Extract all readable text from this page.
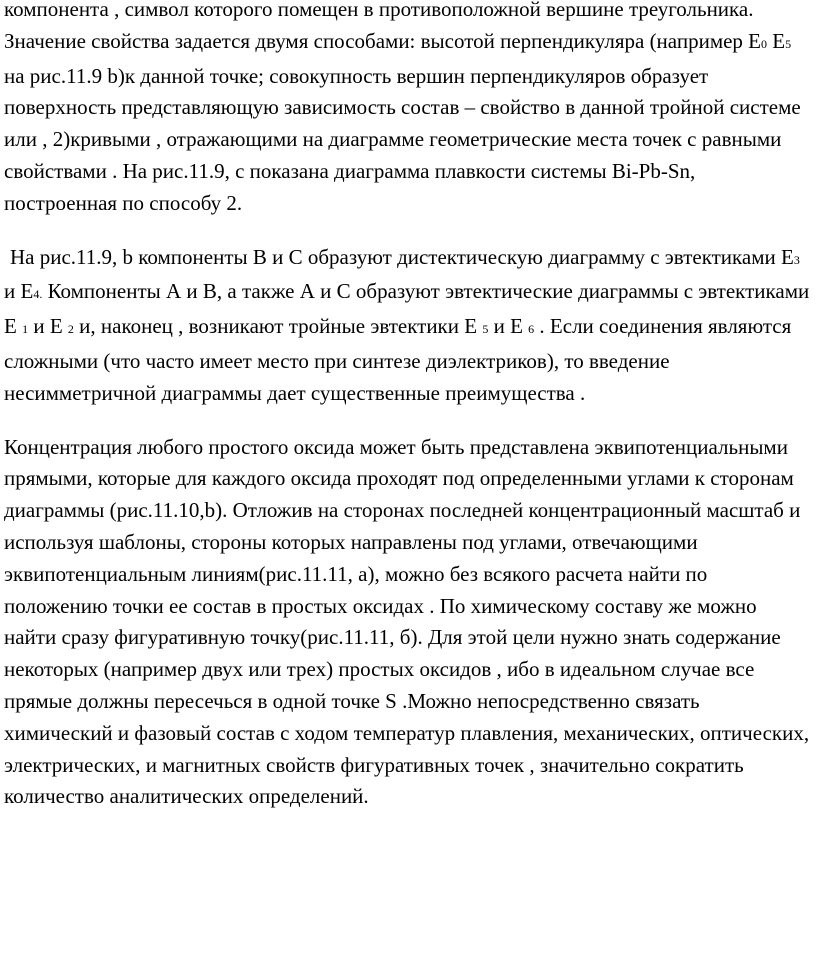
компонента , символ которого помещен в противоположной вершине треугольника. Значение свойства задается двумя способами: высотой перпендикуляра (например Е0 Е5 на рис.11.9 b)к данной точке; совокупность вершин перпендикуляров образует поверхность представляющую зависимость состав – свойство в данной тройной системе или , 2)кривыми , отражающими на диаграмме геометрические места точек с равными свойствами . На рис.11.9, с показана диаграмма плавкости системы Bi-Pb-Sn, построенная по способу 2.

На рис.11.9, b компоненты В и С образуют дистектическую диаграмму с эвтектиками Е3 и Е4. Компоненты А и В, а также А и С образуют эвтектические диаграммы с эвтектиками Е 1 и Е 2 и, наконец , возникают тройные эвтектики Е 5 и Е 6 . Если соединения являются сложными (что часто имеет место при синтезе диэлектриков), то введение несимметричной диаграммы дает существенные преимущества .

Концентрация любого простого оксида может быть представлена эквипотенциальными прямыми, которые для каждого оксида проходят под определенными углами к сторонам диаграммы (рис.11.10,b). Отложив на сторонах последней концентрационный масштаб и используя шаблоны, стороны которых направлены под углами, отвечающими эквипотенциальным линиям(рис.11.11, а), можно без всякого расчета найти по положению точки ее состав в простых оксидах . По химическому составу же можно найти сразу фигуративную точку(рис.11.11, б). Для этой цели нужно знать содержание некоторых (например двух или трех) простых оксидов , ибо в идеальном случае все прямые должны пересечься в одной точке S .Можно непосредственно связать химический и фазовый состав с ходом температур плавления, механических, оптических, электрических, и магнитных свойств фигуративных точек , значительно сократить количество аналитических определений.
